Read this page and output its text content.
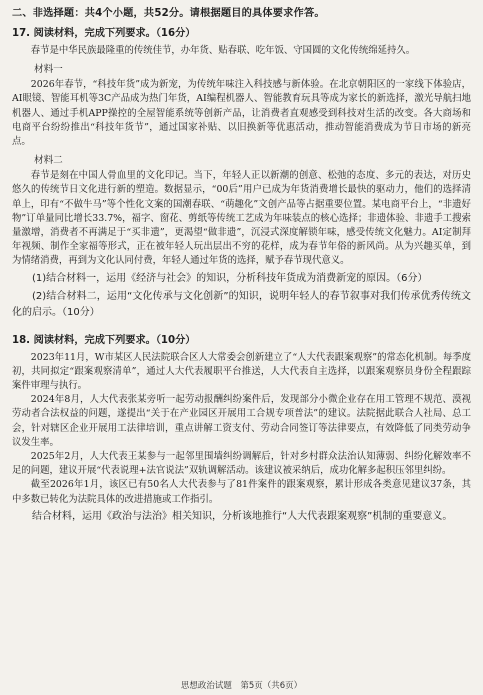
二、非选择题：共4个小题，共52分。请根据题目的具体要求作答。
17. 阅读材料，完成下列要求。（16分）

春节是中华民族最隆重的传统佳节，办年货、贴春联、吃年饭、守国圆的文化传统绵延持久。

材料一

2026年春节，“科技年货”成为新宠，为传统年味注入科技感与新体验。在北京朝阳区的一家线下体验店，AI眼镜、智能耳机等3C产品成为热门年货，AI编程机器人、智能教育玩具等成为家长的新选择，激光导航扫地机器人、通过手机APP操控的全屋智能系统等创新产品，让消费者直观感受到科技对生活的改变。各大商场和电商平台纷纷推出“科技年货节”，通过国家补贴、以旧换新等优惠活动，推动智能消费成为节日市场的新亮点。

材料二

春节是刻在中国人骨血里的文化印记。当下，年轻人正以新潮的创意、松弛的态度、多元的表达，对历史悠久的传统节日文化进行新的塑造。数据显示，“00后”用户已成为年货消费增长最快的驱动力，他们的选择清单上，印有“不做牛马”等个性化文案的国潮春联、“萌趣化”文创产品等占据重要位置。某电商平台上，“非遗好物”订单量同比增长33.7%，福字、窗花、剪纸等传统工艺成为年味装点的核心选择；非遗体验、非遗手工搜索量激增，消费者不再满足于“买非遗”，更渴望“做非遗”，沉浸式深度解锁年味，感受传统文化魅力。AI定制拜年视频、制作全家福等形式，正在被年轻人玩出层出不穷的花样，成为春节年俗的新风尚。从为兴趣买单，到为情绪消费，再到为文化认同付费，年轻人通过年货的选择，赋予春节现代意义。

(1)结合材料一，运用《经济与社会》的知识，分析科技年货成为消费新宠的原因。（6分）

(2)结合材料二，运用“文化传承与文化创新”的知识，说明年轻人的春节叙事对我们传承优秀传统文化的启示。（10分）

18. 阅读材料，完成下列要求。（10分）

2023年11月，W市某区人民法院联合区人大常委会创新建立了“人大代表跟案观察”的常态化机制。每季度初，共同拟定“跟案观察清单”，通过人大代表履职平台推送，人大代表自主选择，以跟案观察员身份全程跟踪案件审理与执行。

2024年8月，人大代表张某旁听一起劳动报酬纠纷案件后，发现部分小微企业存在用工管理不规范、漠视劳动者合法权益的问题，遂提出“关于在产业园区开展用工合规专项普法”的建议。法院据此联合人社局、总工会，针对辖区企业开展用工法律培训，重点讲解工资支付、劳动合同签订等法律要点，有效降低了同类劳动争议发生率。

2025年2月，人大代表王某参与一起邻里围墙纠纷调解后，针对乡村群众法治认知薄弱、纠纷化解效率不足的问题，建议开展“代表说理+法官说法”双轨调解活动。该建议被采纳后，成功化解多起积压邻里纠纷。

截至2026年1月，该区已有50名人大代表参与了81件案件的跟案观察，累计形成各类意见建议37条，其中多数已转化为法院具体的改进措施或工作指引。

结合材料，运用《政治与法治》相关知识，分析该地推行“人大代表跟案观察”机制的重要意义。

思想政治试题　第5页（共6页）
